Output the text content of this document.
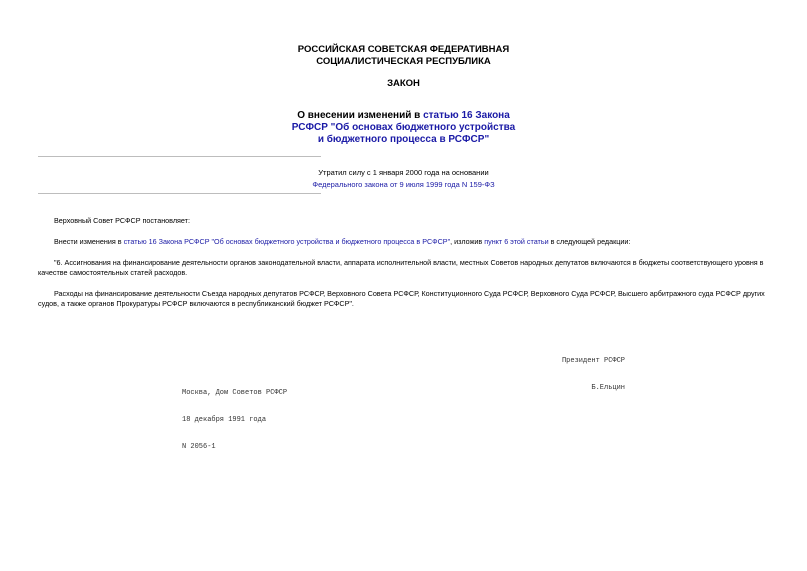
РОССИЙСКАЯ СОВЕТСКАЯ ФЕДЕРАТИВНАЯ
СОЦИАЛИСТИЧЕСКАЯ РЕСПУБЛИКА
ЗАКОН
О внесении изменений в статью 16 Закона
РСФСР "Об основах бюджетного устройства
и бюджетного процесса в РСФСР"
Утратил силу с 1 января 2000 года на основании
Федерального закона от 9 июля 1999 года N 159-ФЗ
Верховный Совет РСФСР постановляет:
Внести изменения в статью 16 Закона РСФСР "Об основах бюджетного устройства и бюджетного процесса в РСФСР", изложив пункт 6 этой статьи в следующей редакции:
"6. Ассигнования на финансирование деятельности органов законодательной власти, аппарата исполнительной власти, местных Советов народных депутатов включаются в бюджеты соответствующего уровня в качестве самостоятельных статей расходов.
Расходы на финансирование деятельности Съезда народных депутатов РСФСР, Верховного Совета РСФСР, Конституционного Суда РСФСР, Верховного Суда РСФСР, Высшего арбитражного суда РСФСР других судов, а также органов Прокуратуры РСФСР включаются в республиканский бюджет РСФСР".

Президент РСФСР

Б.Ельцин

Москва, Дом Советов РСФСР

18 декабря 1991 года

N 2056-1
